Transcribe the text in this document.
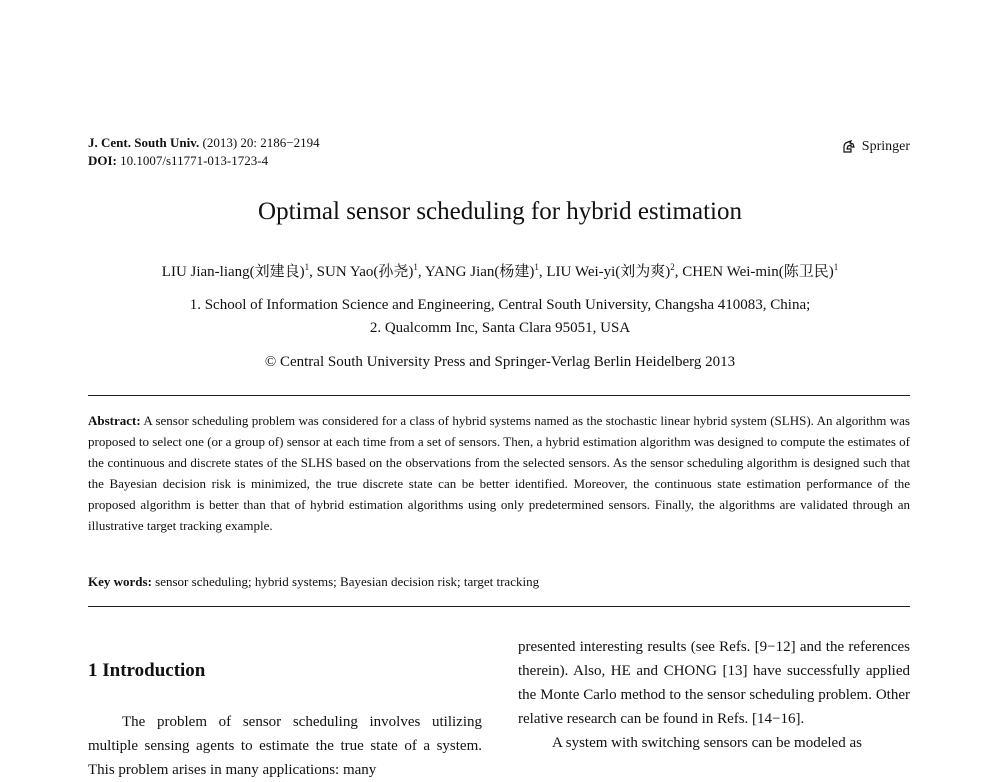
J. Cent. South Univ. (2013) 20: 2186−2194
DOI: 10.1007/s11771-013-1723-4
Springer
Optimal sensor scheduling for hybrid estimation
LIU Jian-liang(刘建良)$^1$, SUN Yao(孙尧)$^1$, YANG Jian(杨建)$^1$, LIU Wei-yi(刘为爽)$^2$, CHEN Wei-min(陈卫民)$^1$
1. School of Information Science and Engineering, Central South University, Changsha 410083, China;
2. Qualcomm Inc, Santa Clara 95051, USA
© Central South University Press and Springer-Verlag Berlin Heidelberg 2013
Abstract: A sensor scheduling problem was considered for a class of hybrid systems named as the stochastic linear hybrid system (SLHS). An algorithm was proposed to select one (or a group of) sensor at each time from a set of sensors. Then, a hybrid estimation algorithm was designed to compute the estimates of the continuous and discrete states of the SLHS based on the observations from the selected sensors. As the sensor scheduling algorithm is designed such that the Bayesian decision risk is minimized, the true discrete state can be better identified. Moreover, the continuous state estimation performance of the proposed algorithm is better than that of hybrid estimation algorithms using only predetermined sensors. Finally, the algorithms are validated through an illustrative target tracking example.
Key words: sensor scheduling; hybrid systems; Bayesian decision risk; target tracking
1 Introduction

The problem of sensor scheduling involves utilizing multiple sensing agents to estimate the true state of a system. This problem arises in many applications: many

presented interesting results (see Refs. [9−12] and the references therein). Also, HE and CHONG [13] have successfully applied the Monte Carlo method to the sensor scheduling problem. Other relative research can be found in Refs. [14−16].

A system with switching sensors can be modeled as
